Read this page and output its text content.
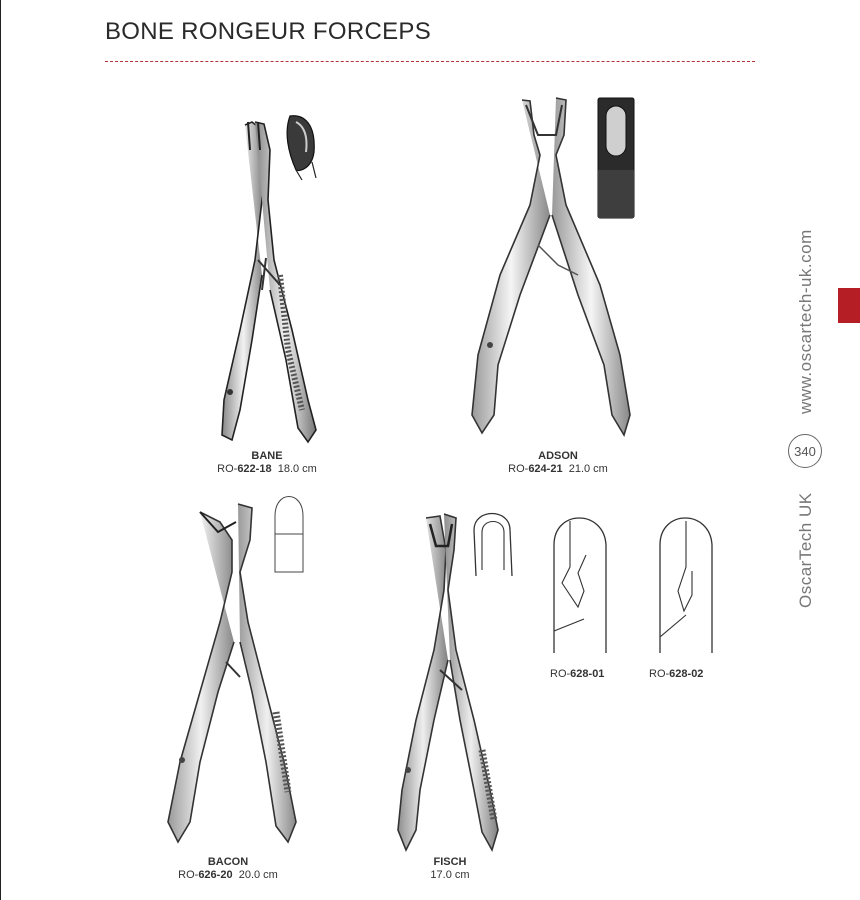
BONE RONGEUR FORCEPS
BANE
RO-622-18 18.0 cm
ADSON
RO-624-21 21.0 cm
BACON
RO-626-20 20.0 cm
FISCH
17.0 cm
RO-628-01	RO-628-02
www.oscartech-uk.com
340
OscarTech UK
